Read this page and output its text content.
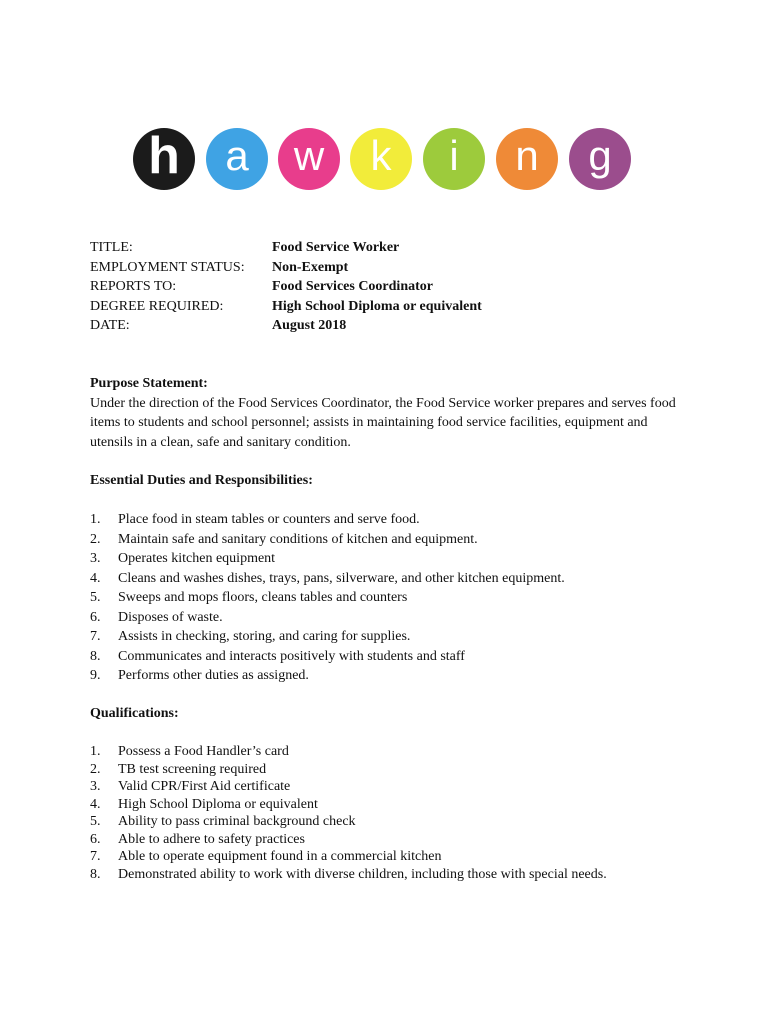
h a w k i n g
TITLE:	Food Service Worker
EMPLOYMENT STATUS:	Non-Exempt
REPORTS TO:	Food Services Coordinator
DEGREE REQUIRED:	High School Diploma or equivalent
DATE:	August 2018
Purpose Statement:
Under the direction of the Food Services Coordinator, the Food Service worker prepares and serves food items to students and school personnel; assists in maintaining food service facilities, equipment and utensils in a clean, safe and sanitary condition.
Essential Duties and Responsibilities:
1.	Place food in steam tables or counters and serve food.
2.	Maintain safe and sanitary conditions of kitchen and equipment.
3.	Operates kitchen equipment
4.	Cleans and washes dishes, trays, pans, silverware, and other kitchen equipment.
5.	Sweeps and mops floors, cleans tables and counters
6.	Disposes of waste.
7.	Assists in checking, storing, and caring for supplies.
8.	Communicates and interacts positively with students and staff
9.	Performs other duties as assigned.
Qualifications:
1.	Possess a Food Handler’s card
2.	TB test screening required
3.	Valid CPR/First Aid certificate
4.	High School Diploma or equivalent
5.	Ability to pass criminal background check
6.	Able to adhere to safety practices
7.	Able to operate equipment found in a commercial kitchen
8.	Demonstrated ability to work with diverse children, including those with special needs.
